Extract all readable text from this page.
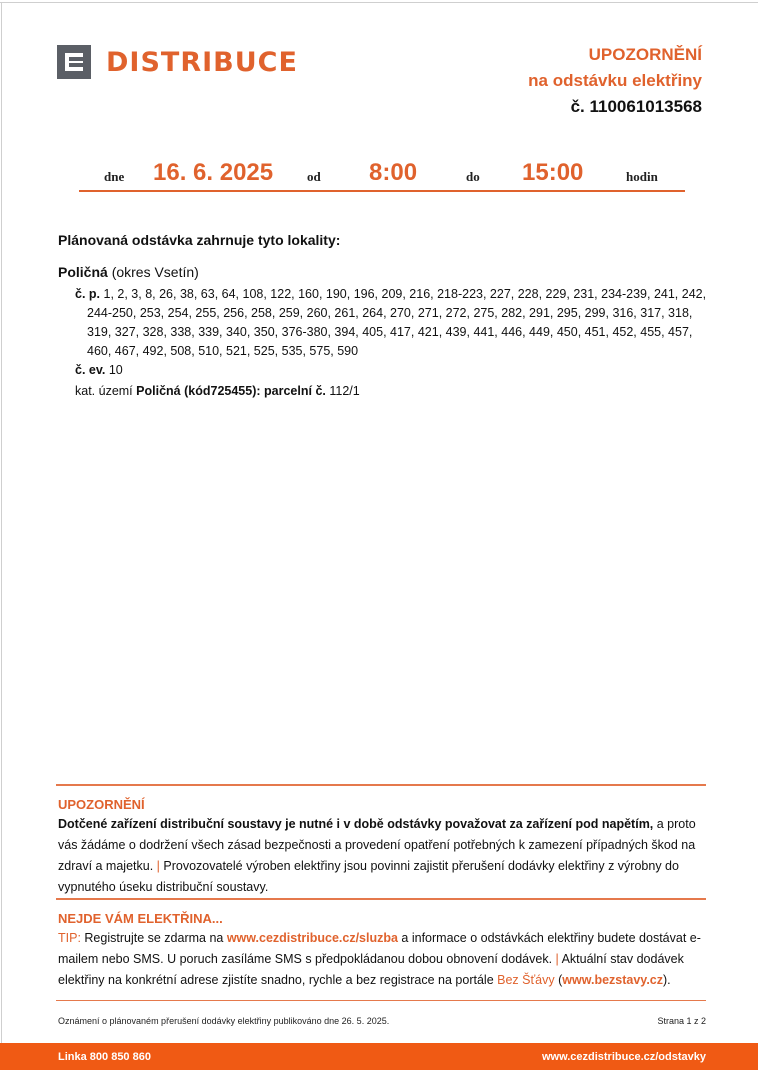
DISTRIBUCE	UPOZORNĚNÍ
na odstávku elektřiny
č. 110061013568
dne 16. 6. 2025	od 8:00	do 15:00	hodin
Plánovaná odstávka zahrnuje tyto lokality:
Poličná (okres Vsetín)
č. p. 1, 2, 3, 8, 26, 38, 63, 64, 108, 122, 160, 190, 196, 209, 216, 218-223, 227, 228, 229, 231, 234-239, 241, 242, 244-250, 253, 254, 255, 256, 258, 259, 260, 261, 264, 270, 271, 272, 275, 282, 291, 295, 299, 316, 317, 318, 319, 327, 328, 338, 339, 340, 350, 376-380, 394, 405, 417, 421, 439, 441, 446, 449, 450, 451, 452, 455, 457, 460, 467, 492, 508, 510, 521, 525, 535, 575, 590
č. ev. 10
kat. území Poličná (kód725455): parcelní č. 112/1
UPOZORNĚNÍ
Dotčené zařízení distribuční soustavy je nutné i v době odstávky považovat za zařízení pod napětím, a proto vás žádáme o dodržení všech zásad bezpečnosti a provedení opatření potřebných k zamezení případných škod na zdraví a majetku. | Provozovatelé výroben elektřiny jsou povinni zajistit přerušení dodávky elektřiny z výrobny do vypnutého úseku distribuční soustavy.
NEJDE VÁM ELEKTŘINA...
TIP: Registrujte se zdarma na www.cezdistribuce.cz/sluzba a informace o odstávkách elektřiny budete dostávat e-mailem nebo SMS. U poruch zasíláme SMS s předpokládanou dobou obnovení dodávek. | Aktuální stav dodávek elektřiny na konkrétní adrese zjistíte snadno, rychle a bez registrace na portále Bez Šťávy (www.bezstavy.cz).
Oznámení o plánovaném přerušení dodávky elektřiny publikováno dne 26. 5. 2025.	Strana 1 z 2
Linka 800 850 860	www.cezdistribuce.cz/odstavky
